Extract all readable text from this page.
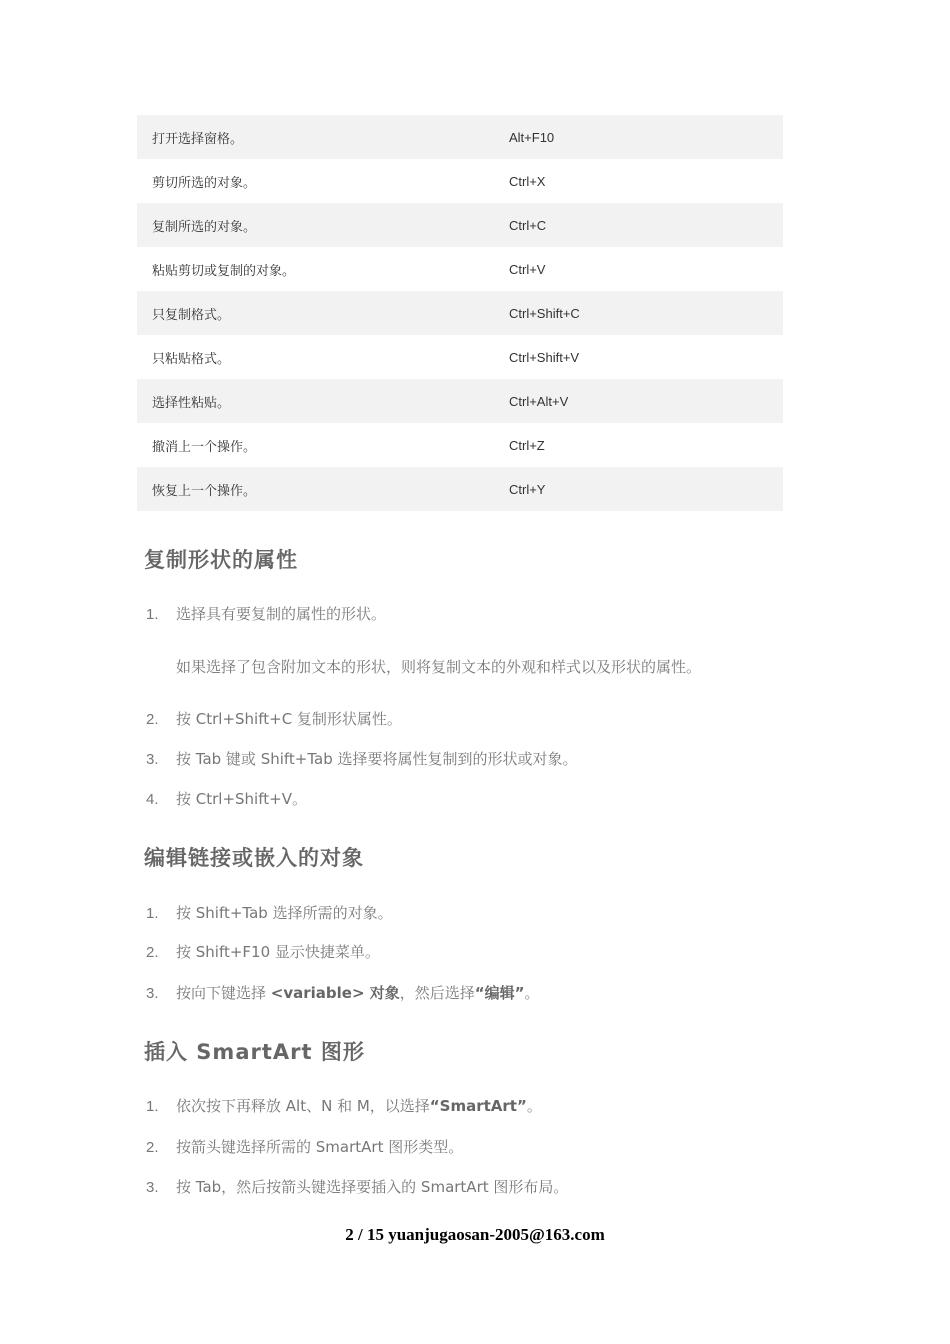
打开选择窗格。	Alt+F10
剪切所选的对象。	Ctrl+X
复制所选的对象。	Ctrl+C
粘贴剪切或复制的对象。	Ctrl+V
只复制格式。	Ctrl+Shift+C
只粘贴格式。	Ctrl+Shift+V
选择性粘贴。	Ctrl+Alt+V
撤消上一个操作。	Ctrl+Z
恢复上一个操作。	Ctrl+Y
复制形状的属性
1. 选择具有要复制的属性的形状。
如果选择了包含附加文本的形状，则将复制文本的外观和样式以及形状的属性。
2. 按 Ctrl+Shift+C 复制形状属性。
3. 按 Tab 键或 Shift+Tab 选择要将属性复制到的形状或对象。
4. 按 Ctrl+Shift+V。
编辑链接或嵌入的对象
1. 按 Shift+Tab 选择所需的对象。
2. 按 Shift+F10 显示快捷菜单。
3. 按向下键选择 <variable> 对象，然后选择“编辑”。
插入 SmartArt 图形
1. 依次按下再释放 Alt、N 和 M，以选择“SmartArt”。
2. 按箭头键选择所需的 SmartArt 图形类型。
3. 按 Tab，然后按箭头键选择要插入的 SmartArt 图形布局。
2 / 15 yuanjugaosan-2005@163.com
